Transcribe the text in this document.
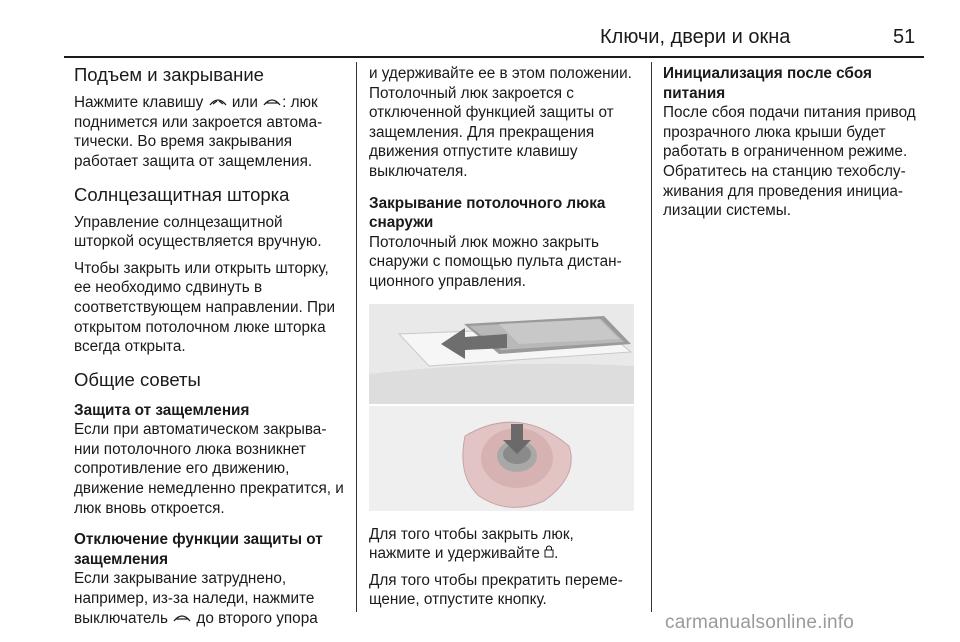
Ключи, двери и окна	51
Подъем и закрывание

Нажмите клавишу  или : люк поднимется или закроется автоматически. Во время закрывания работает защита от защемления.

Солнцезащитная шторка

Управление солнцезащитной шторкой осуществляется вручную.

Чтобы закрыть или открыть шторку, ее необходимо сдвинуть в соответствующем направлении. При открытом потолочном люке шторка всегда открыта.

Общие советы
Защита от защемления

Если при автоматическом закрывании потолочного люка возникнет сопротивление его движению, движение немедленно прекратится, и люк вновь откроется.

Отключение функции защиты от защемления

Если закрывание затруднено, например, из-за наледи, нажмите выключатель  до второго упора

и удерживайте ее в этом положении. Потолочный люк закроется с отключенной функцией защиты от защемления. Для прекращения движения отпустите клавишу выключателя.

Закрывание потолочного люка снаружи

Потолочный люк можно закрыть снаружи с помощью пульта дистанционного управления.

Для того чтобы закрыть люк, нажмите и удерживайте .

Для того чтобы прекратить перемещение, отпустите кнопку.

Инициализация после сбоя питания

После сбоя подачи питания привод прозрачного люка крыши будет работать в ограниченном режиме. Обратитесь на станцию техобслуживания для проведения инициализации системы.

carmanualsonline.info
